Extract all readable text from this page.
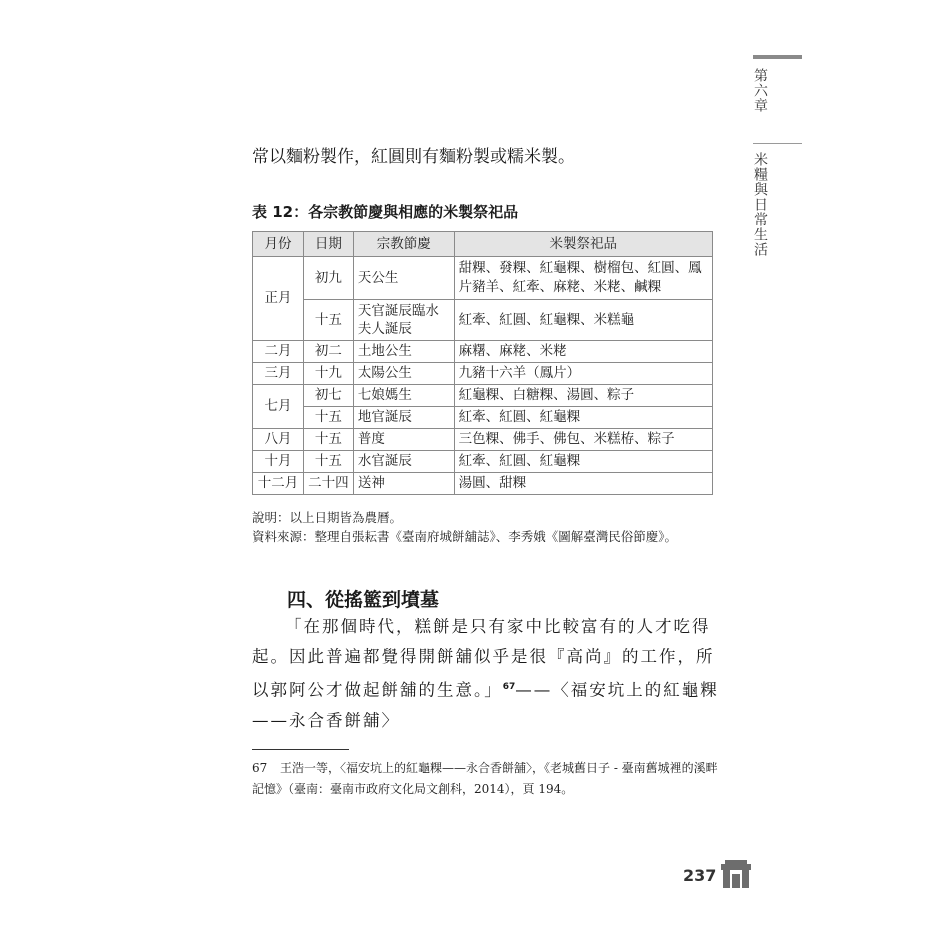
第六章
米糧與日常生活
常以麵粉製作，紅圓則有麵粉製或糯米製。
表 12：各宗教節慶與相應的米製祭祀品
月份	日期	宗教節慶	米製祭祀品
正月	初九	天公生	甜粿、發粿、紅龜粿、樹榴包、紅圓、鳳片豬羊、紅牽、麻粩、米粩、鹹粿
	十五	天官誕辰臨水夫人誕辰	紅牽、紅圓、紅龜粿、米糕龜
二月	初二	土地公生	麻糬、麻粩、米粩
三月	十九	太陽公生	九豬十六羊（鳳片）
七月	初七	七娘媽生	紅龜粿、白糖粿、湯圓、粽子
	十五	地官誕辰	紅牽、紅圓、紅龜粿
八月	十五	普度	三色粿、佛手、佛包、米糕栫、粽子
十月	十五	水官誕辰	紅牽、紅圓、紅龜粿
十二月	二十四	送神	湯圓、甜粿
說明：以上日期皆為農曆。
資料來源：整理自張耘書《臺南府城餅舖誌》、李秀娥《圖解臺灣民俗節慶》。
四、從搖籃到墳墓
「在那個時代，糕餅是只有家中比較富有的人才吃得起。因此普遍都覺得開餅舖似乎是很『高尚』的工作，所以郭阿公才做起餅舖的生意。」$^{67}$——〈福安坑上的紅龜粿——永合香餅舖〉
67 王浩一等，〈福安坑上的紅龜粿——永合香餅舖〉，《老城舊日子 - 臺南舊城裡的溪畔記憶》（臺南：臺南市政府文化局文創科，2014），頁 194。
237
